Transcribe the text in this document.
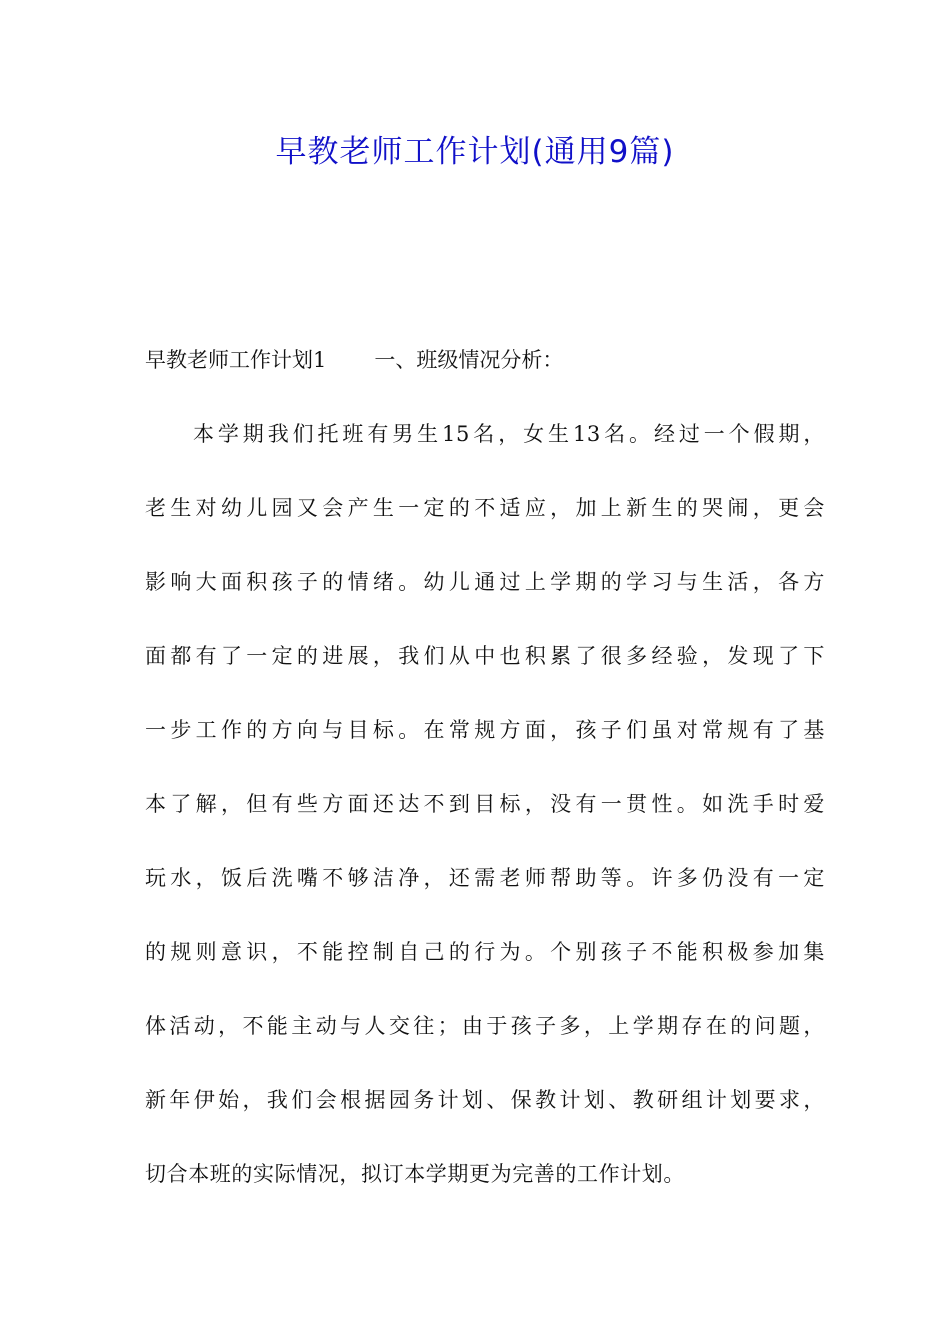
早教老师工作计划(通用9篇)
早教老师工作计划1 一、班级情况分析：
本学期我们托班有男生15名，女生13名。经过一个假期，
老生对幼儿园又会产生一定的不适应，加上新生的哭闹，更会
影响大面积孩子的情绪。幼儿通过上学期的学习与生活，各方
面都有了一定的进展，我们从中也积累了很多经验，发现了下
一步工作的方向与目标。在常规方面，孩子们虽对常规有了基
本了解，但有些方面还达不到目标，没有一贯性。如洗手时爱
玩水，饭后洗嘴不够洁净，还需老师帮助等。许多仍没有一定
的规则意识，不能控制自己的行为。个别孩子不能积极参加集
体活动，不能主动与人交往；由于孩子多，上学期存在的问题，
新年伊始，我们会根据园务计划、保教计划、教研组计划要求，
切合本班的实际情况，拟订本学期更为完善的工作计划。
